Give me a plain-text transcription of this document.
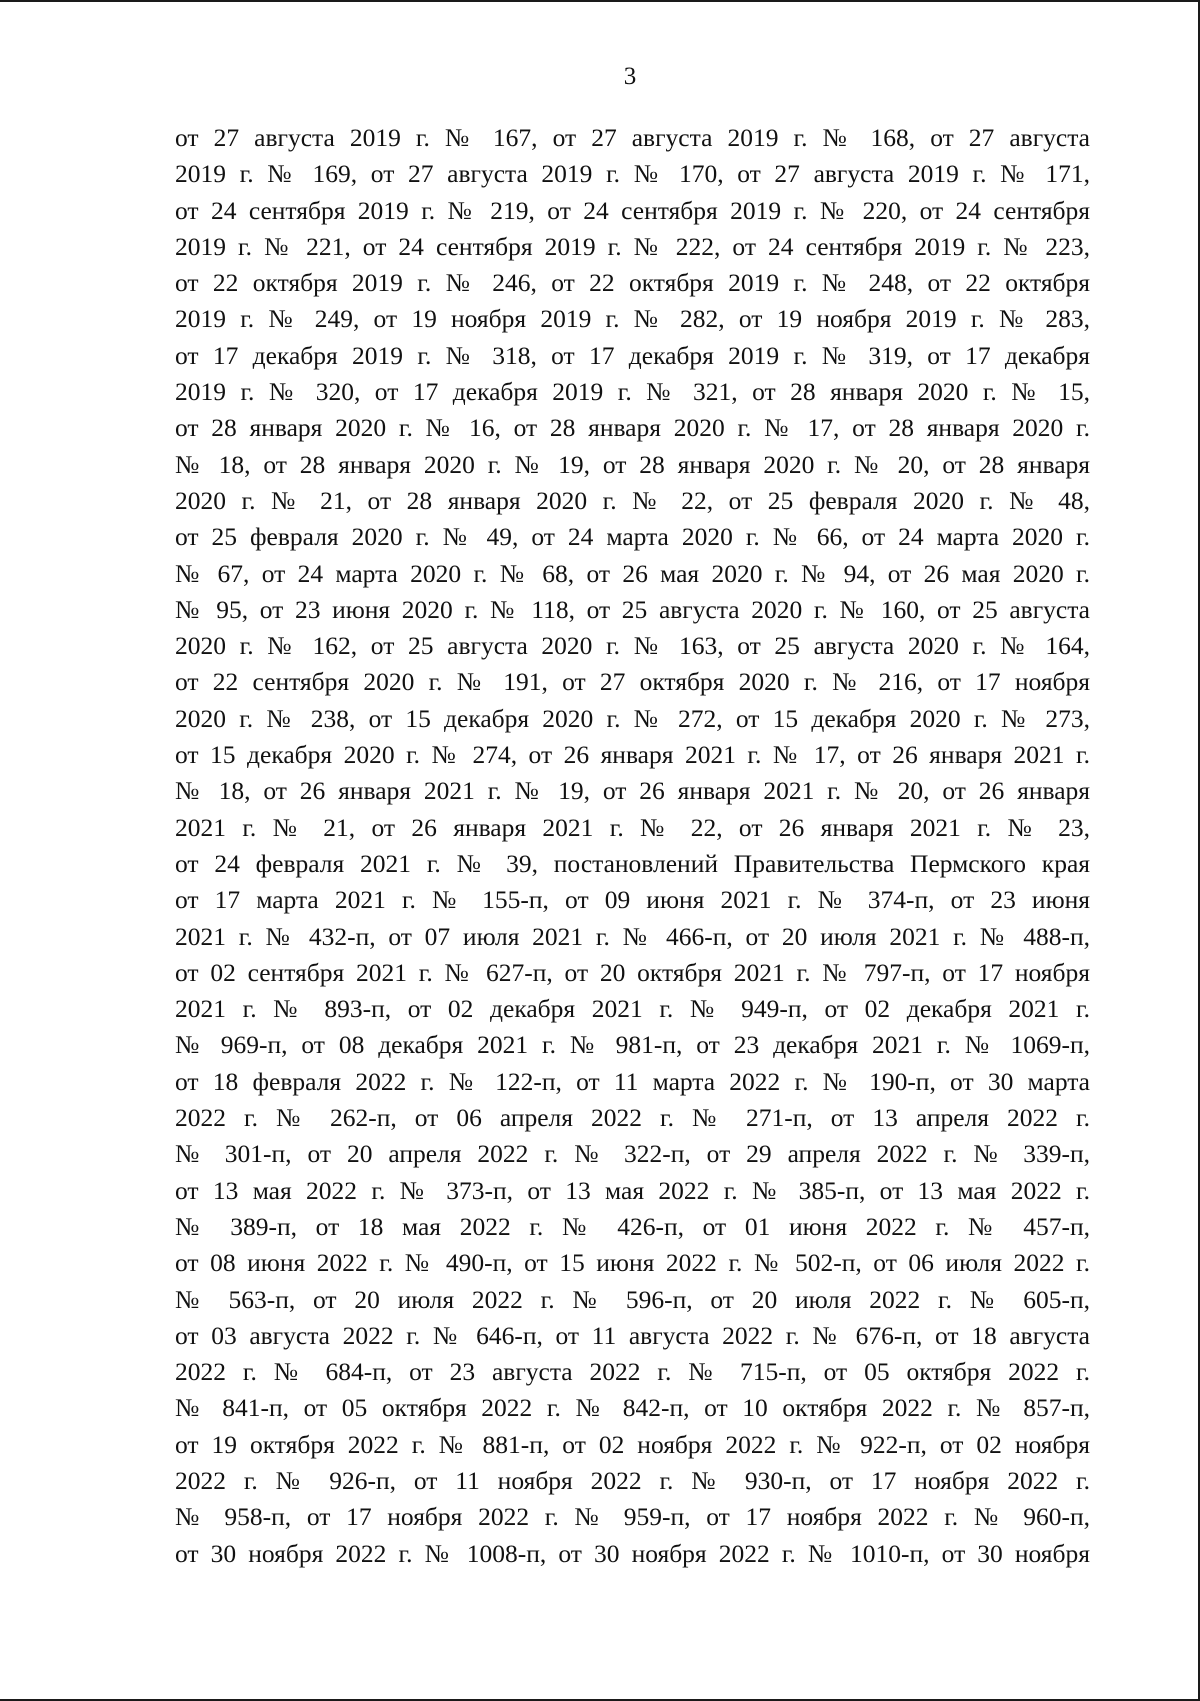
3
от 27 августа 2019 г. № 167, от 27 августа 2019 г. № 168, от 27 августа
2019 г. № 169, от 27 августа 2019 г. № 170, от 27 августа 2019 г. № 171,
от 24 сентября 2019 г. № 219, от 24 сентября 2019 г. № 220, от 24 сентября
2019 г. № 221, от 24 сентября 2019 г. № 222, от 24 сентября 2019 г. № 223,
от 22 октября 2019 г. № 246, от 22 октября 2019 г. № 248, от 22 октября
2019 г. № 249, от 19 ноября 2019 г. № 282, от 19 ноября 2019 г. № 283,
от 17 декабря 2019 г. № 318, от 17 декабря 2019 г. № 319, от 17 декабря
2019 г. № 320, от 17 декабря 2019 г. № 321, от 28 января 2020 г. № 15,
от 28 января 2020 г. № 16, от 28 января 2020 г. № 17, от 28 января 2020 г.
№ 18, от 28 января 2020 г. № 19, от 28 января 2020 г. № 20, от 28 января
2020 г. № 21, от 28 января 2020 г. № 22, от 25 февраля 2020 г. № 48,
от 25 февраля 2020 г. № 49, от 24 марта 2020 г. № 66, от 24 марта 2020 г.
№ 67, от 24 марта 2020 г. № 68, от 26 мая 2020 г. № 94, от 26 мая 2020 г.
№ 95, от 23 июня 2020 г. № 118, от 25 августа 2020 г. № 160, от 25 августа
2020 г. № 162, от 25 августа 2020 г. № 163, от 25 августа 2020 г. № 164,
от 22 сентября 2020 г. № 191, от 27 октября 2020 г. № 216, от 17 ноября
2020 г. № 238, от 15 декабря 2020 г. № 272, от 15 декабря 2020 г. № 273,
от 15 декабря 2020 г. № 274, от 26 января 2021 г. № 17, от 26 января 2021 г.
№ 18, от 26 января 2021 г. № 19, от 26 января 2021 г. № 20, от 26 января
2021 г. № 21, от 26 января 2021 г. № 22, от 26 января 2021 г. № 23,
от 24 февраля 2021 г. № 39, постановлений Правительства Пермского края
от 17 марта 2021 г. № 155-п, от 09 июня 2021 г. № 374-п, от 23 июня
2021 г. № 432-п, от 07 июля 2021 г. № 466-п, от 20 июля 2021 г. № 488-п,
от 02 сентября 2021 г. № 627-п, от 20 октября 2021 г. № 797-п, от 17 ноября
2021 г. № 893-п, от 02 декабря 2021 г. № 949-п, от 02 декабря 2021 г.
№ 969-п, от 08 декабря 2021 г. № 981-п, от 23 декабря 2021 г. № 1069-п,
от 18 февраля 2022 г. № 122-п, от 11 марта 2022 г. № 190-п, от 30 марта
2022 г. № 262-п, от 06 апреля 2022 г. № 271-п, от 13 апреля 2022 г.
№ 301-п, от 20 апреля 2022 г. № 322-п, от 29 апреля 2022 г. № 339-п,
от 13 мая 2022 г. № 373-п, от 13 мая 2022 г. № 385-п, от 13 мая 2022 г.
№ 389-п, от 18 мая 2022 г. № 426-п, от 01 июня 2022 г. № 457-п,
от 08 июня 2022 г. № 490-п, от 15 июня 2022 г. № 502-п, от 06 июля 2022 г.
№ 563-п, от 20 июля 2022 г. № 596-п, от 20 июля 2022 г. № 605-п,
от 03 августа 2022 г. № 646-п, от 11 августа 2022 г. № 676-п, от 18 августа
2022 г. № 684-п, от 23 августа 2022 г. № 715-п, от 05 октября 2022 г.
№ 841-п, от 05 октября 2022 г. № 842-п, от 10 октября 2022 г. № 857-п,
от 19 октября 2022 г. № 881-п, от 02 ноября 2022 г. № 922-п, от 02 ноября
2022 г. № 926-п, от 11 ноября 2022 г. № 930-п, от 17 ноября 2022 г.
№ 958-п, от 17 ноября 2022 г. № 959-п, от 17 ноября 2022 г. № 960-п,
от 30 ноября 2022 г. № 1008-п, от 30 ноября 2022 г. № 1010-п, от 30 ноября
